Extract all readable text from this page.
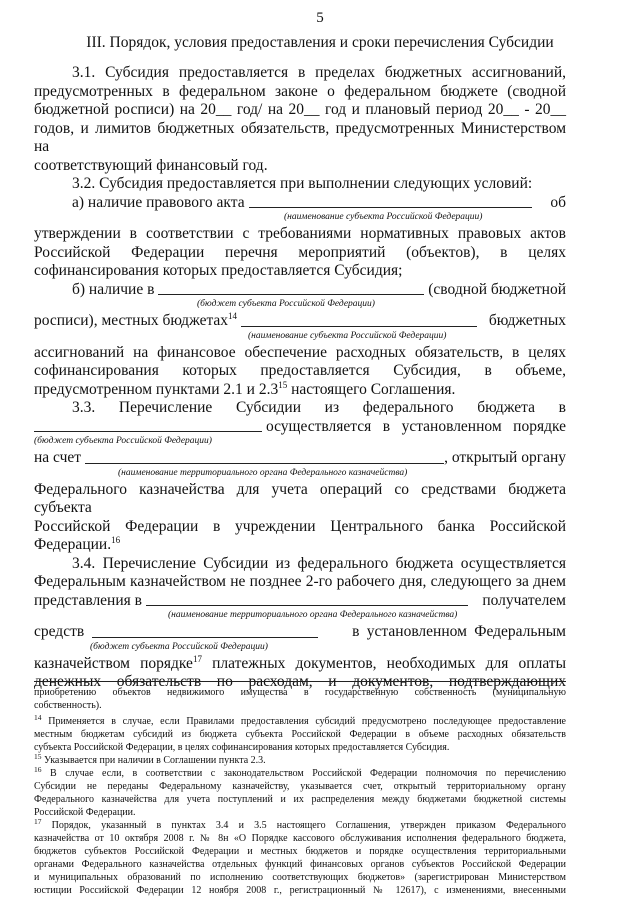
5
III. Порядок, условия предоставления и сроки перечисления Субсидии

3.1. Субсидия предоставляется в пределах бюджетных ассигнований,

предусмотренных в федеральном законе о федеральном бюджете (сводной

бюджетной росписи) на 20__ год/ на 20__ год и плановый период 20__ - 20__

годов, и лимитов бюджетных обязательств, предусмотренных Министерством на

соответствующий финансовый год.

3.2. Субсидия предоставляется при выполнении следующих условий:

а) наличие правового акта	об
(наименование субъекта Российской Федерации)

утверждении в соответствии с требованиями нормативных правовых актов

Российской Федерации перечня мероприятий (объектов), в целях

софинансирования которых предоставляется Субсидия;

б) наличие в	(сводной бюджетной
(бюджет субъекта Российской Федерации)
росписи), местных бюджетах$^{14}$	бюджетных
(наименование субъекта Российской Федерации)

ассигнований на финансовое обеспечение расходных обязательств, в целях

софинансирования которых предоставляется Субсидия, в объеме,

предусмотренном пунктами 2.1 и $2.3^{15}$ настоящего Соглашения.

3.3. Перечисление Субсидии из федерального бюджета в

осуществляется в установленном порядке
(бюджет субъекта Российской Федерации)
на счет	, открытый органу
(наименование территориального органа Федерального казначейства)

Федерального казначейства для учета операций со средствами бюджета субъекта

Российской Федерации в учреждении Центрального банка Российской

Федерации.$^{16}$

3.4. Перечисление Субсидии из федерального бюджета осуществляется

Федеральным казначейством не позднее 2-го рабочего дня, следующего за днем

представления в	получателем
(наименование территориального органа Федерального казначейства)
средств	в установленном Федеральным
(бюджет субъекта Российской Федерации)

казначейством порядке$^{17}$ платежных документов, необходимых для оплаты

денежных обязательств по расходам, и документов, подтверждающих

приобретению объектов недвижимого имущества в государственную собственность (муниципальную

собственность).

$^{14}$ Применяется в случае, если Правилами предоставления субсидий предусмотрено последующее предоставление

местным бюджетам субсидий из бюджета субъекта Российской Федерации в объеме расходных обязательств

субъекта Российской Федерации, в целях софинансирования которых предоставляется Субсидия.

$^{15}$ Указывается при наличии в Соглашении пункта 2.3.

$^{16}$ В случае если, в соответствии с законодательством Российской Федерации полномочия по перечислению

Субсидии не переданы Федеральному казначейству, указывается счет, открытый территориальному органу

Федерального казначейства для учета поступлений и их распределения между бюджетами бюджетной системы

Российской Федерации.

$^{17}$ Порядок, указанный в пунктах 3.4 и 3.5 настоящего Соглашения, утвержден приказом Федерального

казначейства от 10 октября 2008 г. № 8н «О Порядке кассового обслуживания исполнения федерального бюджета,

бюджетов субъектов Российской Федерации и местных бюджетов и порядке осуществления территориальными

органами Федерального казначейства отдельных функций финансовых органов субъектов Российской Федерации

и муниципальных образований по исполнению соответствующих бюджетов» (зарегистрирован Министерством

юстиции Российской Федерации 12 ноября 2008 г., регистрационный № 12617), с изменениями, внесенными
